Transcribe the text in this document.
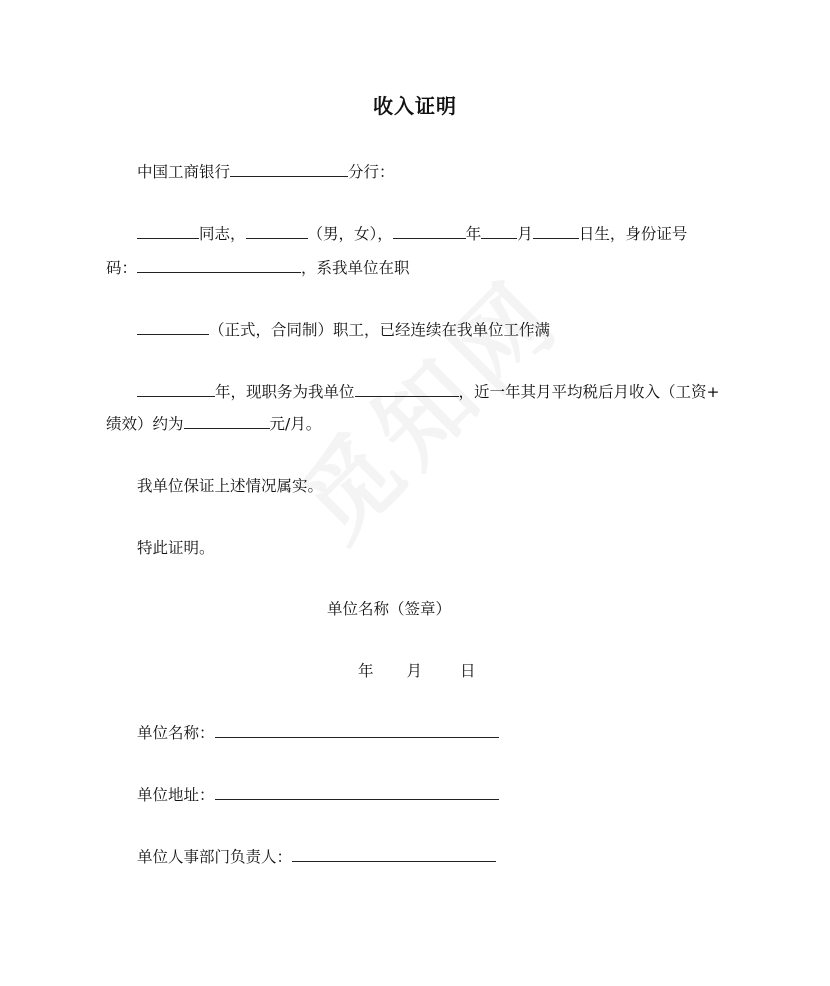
收入证明
中国工商银行	分行：
同志，	（男，女），	年 月	日生，身份证号
码：	，系我单位在职
（正式，合同制）职工，已经连续在我单位工作满
年，现职务为我单位	，近一年其月平均税后月收入（工资+
绩效）约为	元/月。
我单位保证上述情况属实。
特此证明。
单位名称（签章）
年 月 日
单位名称：
单位地址：
单位人事部门负责人：
